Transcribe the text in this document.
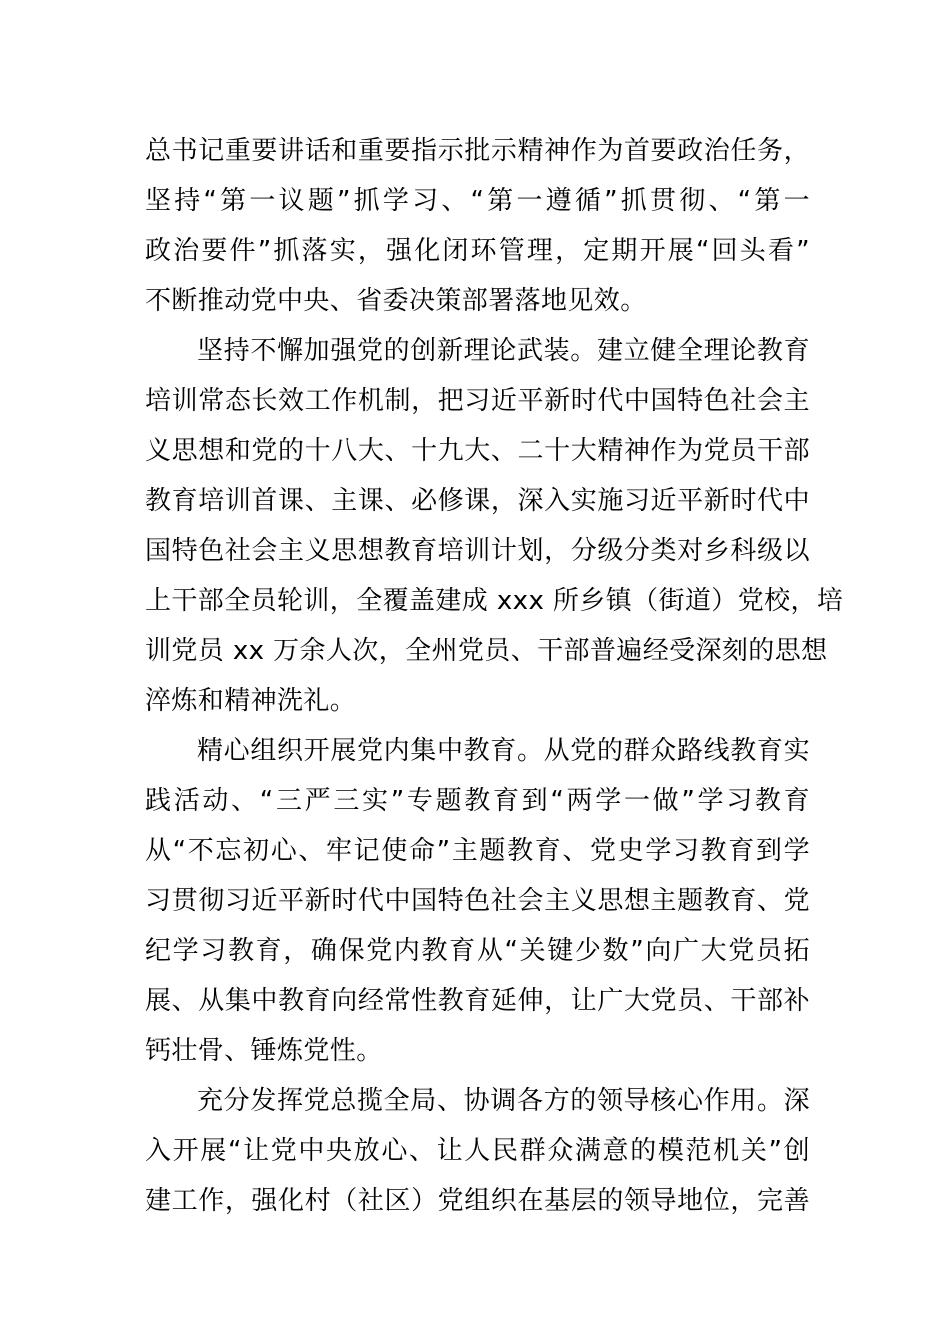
总书记重要讲话和重要指示批示精神作为首要政治任务，
坚持“第一议题”抓学习、“第一遵循”抓贯彻、“第一
政治要件”抓落实，强化闭环管理，定期开展“回头看”
不断推动党中央、省委决策部署落地见效。
坚持不懈加强党的创新理论武装。建立健全理论教育
培训常态长效工作机制，把习近平新时代中国特色社会主
义思想和党的十八大、十九大、二十大精神作为党员干部
教育培训首课、主课、必修课，深入实施习近平新时代中
国特色社会主义思想教育培训计划，分级分类对乡科级以
上干部全员轮训，全覆盖建成 xxx 所乡镇（街道）党校，培
训党员 xx 万余人次，全州党员、干部普遍经受深刻的思想
淬炼和精神洗礼。
精心组织开展党内集中教育。从党的群众路线教育实
践活动、“三严三实”专题教育到“两学一做”学习教育
从“不忘初心、牢记使命”主题教育、党史学习教育到学
习贯彻习近平新时代中国特色社会主义思想主题教育、党
纪学习教育，确保党内教育从“关键少数”向广大党员拓
展、从集中教育向经常性教育延伸，让广大党员、干部补
钙壮骨、锤炼党性。
充分发挥党总揽全局、协调各方的领导核心作用。深
入开展“让党中央放心、让人民群众满意的模范机关”创
建工作，强化村（社区）党组织在基层的领导地位，完善
